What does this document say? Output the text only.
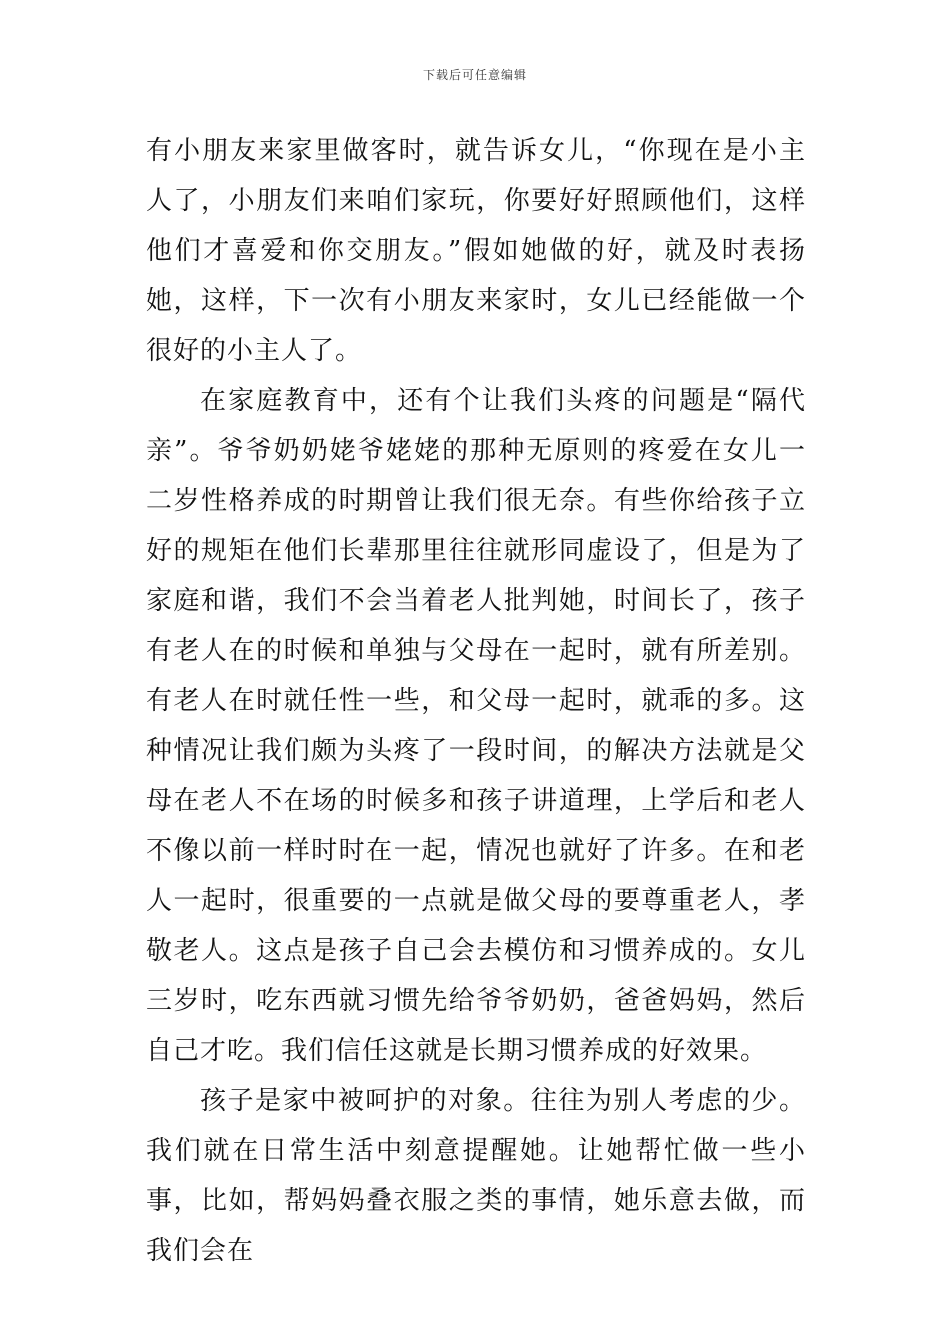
下载后可任意编辑

有小朋友来家里做客时，就告诉女儿，“你现在是小主人了，小朋友们来咱们家玩，你要好好照顾他们，这样他们才喜爱和你交朋友。”假如她做的好，就及时表扬她，这样，下一次有小朋友来家时，女儿已经能做一个很好的小主人了。

在家庭教育中，还有个让我们头疼的问题是“隔代亲”。爷爷奶奶姥爷姥姥的那种无原则的疼爱在女儿一二岁性格养成的时期曾让我们很无奈。有些你给孩子立好的规矩在他们长辈那里往往就形同虚设了，但是为了家庭和谐，我们不会当着老人批判她，时间长了，孩子有老人在的时候和单独与父母在一起时，就有所差别。有老人在时就任性一些，和父母一起时，就乖的多。这种情况让我们颇为头疼了一段时间，的解决方法就是父母在老人不在场的时候多和孩子讲道理，上学后和老人不像以前一样时时在一起，情况也就好了许多。在和老人一起时，很重要的一点就是做父母的要尊重老人，孝敬老人。这点是孩子自己会去模仿和习惯养成的。女儿三岁时，吃东西就习惯先给爷爷奶奶，爸爸妈妈，然后自己才吃。我们信任这就是长期习惯养成的好效果。

孩子是家中被呵护的对象。往往为别人考虑的少。我们就在日常生活中刻意提醒她。让她帮忙做一些小事，比如，帮妈妈叠衣服之类的事情，她乐意去做，而我们会在
